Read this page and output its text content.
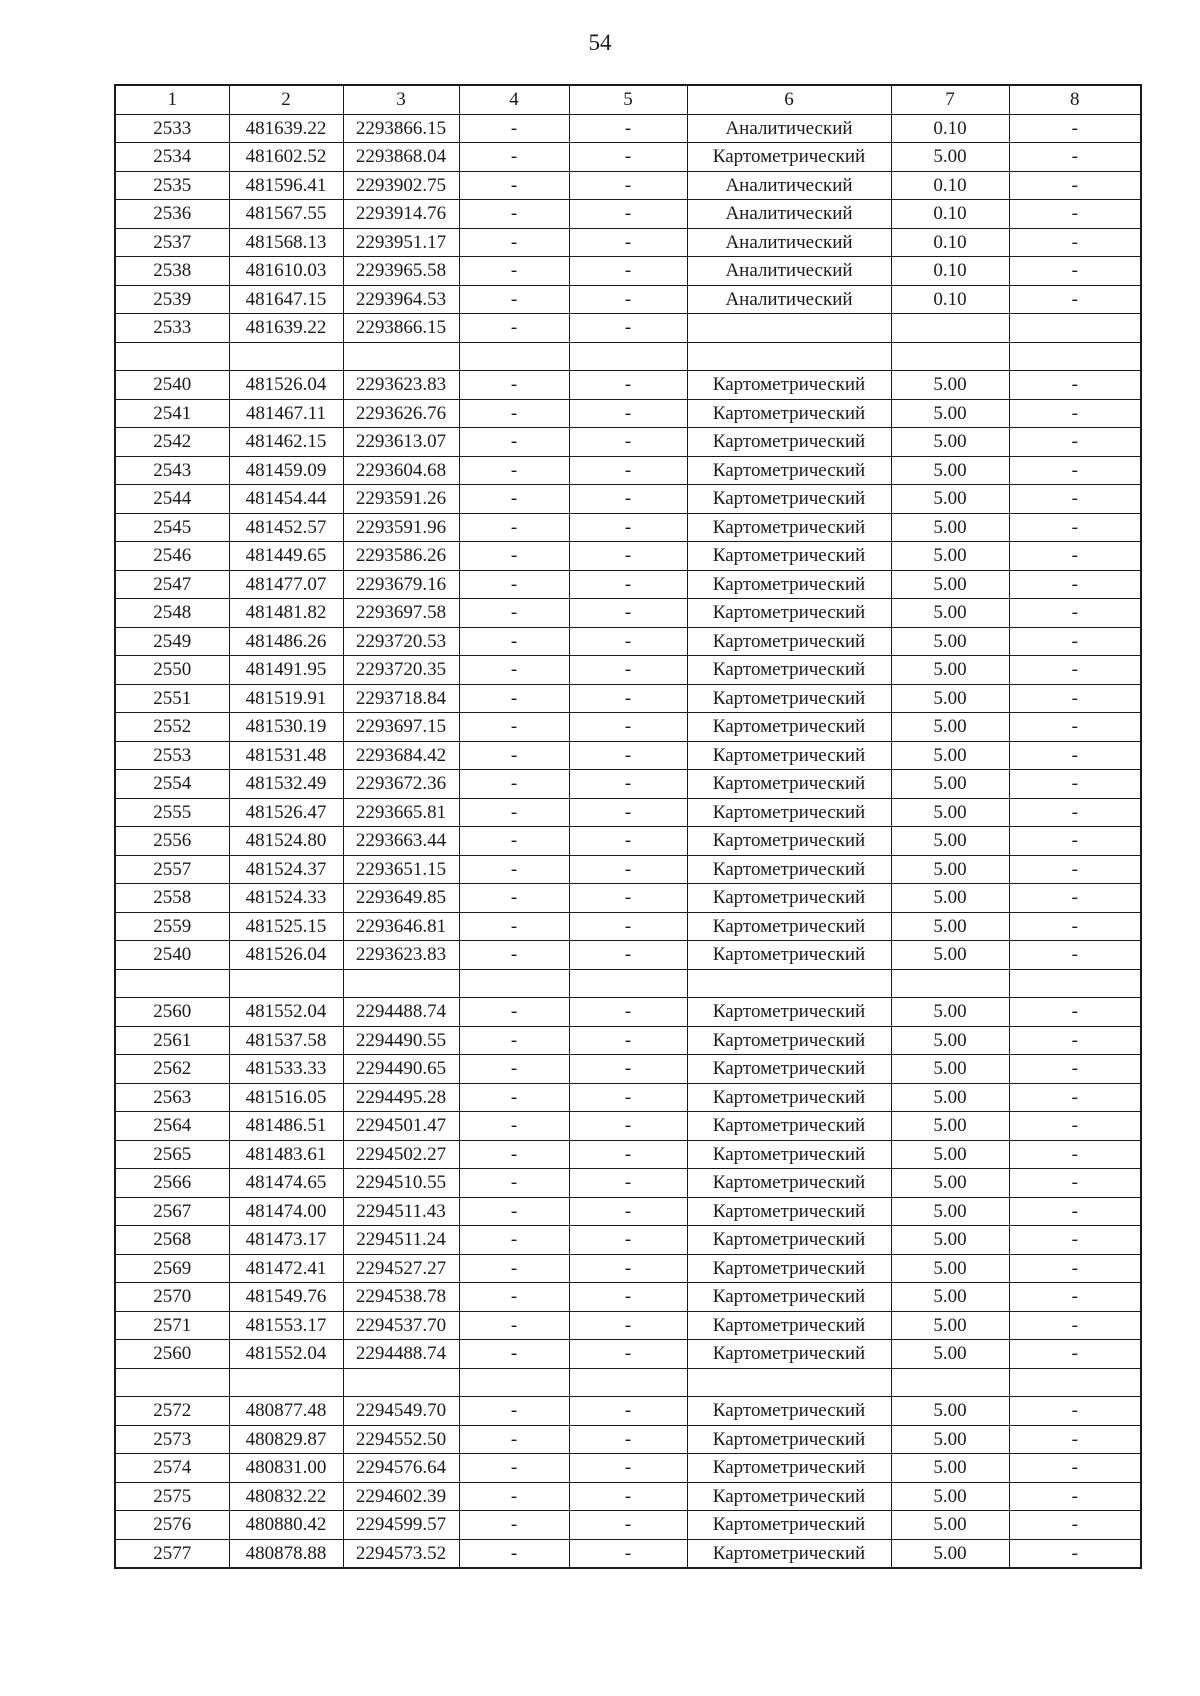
54
1	2	3	4	5	6	7	8
2533	481639.22	2293866.15	-	-	Аналитический	0.10	-
2534	481602.52	2293868.04	-	-	Картометрический	5.00	-
2535	481596.41	2293902.75	-	-	Аналитический	0.10	-
2536	481567.55	2293914.76	-	-	Аналитический	0.10	-
2537	481568.13	2293951.17	-	-	Аналитический	0.10	-
2538	481610.03	2293965.58	-	-	Аналитический	0.10	-
2539	481647.15	2293964.53	-	-	Аналитический	0.10	-
2533	481639.22	2293866.15	-	-			

2540	481526.04	2293623.83	-	-	Картометрический	5.00	-
2541	481467.11	2293626.76	-	-	Картометрический	5.00	-
2542	481462.15	2293613.07	-	-	Картометрический	5.00	-
2543	481459.09	2293604.68	-	-	Картометрический	5.00	-
2544	481454.44	2293591.26	-	-	Картометрический	5.00	-
2545	481452.57	2293591.96	-	-	Картометрический	5.00	-
2546	481449.65	2293586.26	-	-	Картометрический	5.00	-
2547	481477.07	2293679.16	-	-	Картометрический	5.00	-
2548	481481.82	2293697.58	-	-	Картометрический	5.00	-
2549	481486.26	2293720.53	-	-	Картометрический	5.00	-
2550	481491.95	2293720.35	-	-	Картометрический	5.00	-
2551	481519.91	2293718.84	-	-	Картометрический	5.00	-
2552	481530.19	2293697.15	-	-	Картометрический	5.00	-
2553	481531.48	2293684.42	-	-	Картометрический	5.00	-
2554	481532.49	2293672.36	-	-	Картометрический	5.00	-
2555	481526.47	2293665.81	-	-	Картометрический	5.00	-
2556	481524.80	2293663.44	-	-	Картометрический	5.00	-
2557	481524.37	2293651.15	-	-	Картометрический	5.00	-
2558	481524.33	2293649.85	-	-	Картометрический	5.00	-
2559	481525.15	2293646.81	-	-	Картометрический	5.00	-
2540	481526.04	2293623.83	-	-	Картометрический	5.00	-

2560	481552.04	2294488.74	-	-	Картометрический	5.00	-
2561	481537.58	2294490.55	-	-	Картометрический	5.00	-
2562	481533.33	2294490.65	-	-	Картометрический	5.00	-
2563	481516.05	2294495.28	-	-	Картометрический	5.00	-
2564	481486.51	2294501.47	-	-	Картометрический	5.00	-
2565	481483.61	2294502.27	-	-	Картометрический	5.00	-
2566	481474.65	2294510.55	-	-	Картометрический	5.00	-
2567	481474.00	2294511.43	-	-	Картометрический	5.00	-
2568	481473.17	2294511.24	-	-	Картометрический	5.00	-
2569	481472.41	2294527.27	-	-	Картометрический	5.00	-
2570	481549.76	2294538.78	-	-	Картометрический	5.00	-
2571	481553.17	2294537.70	-	-	Картометрический	5.00	-
2560	481552.04	2294488.74	-	-	Картометрический	5.00	-

2572	480877.48	2294549.70	-	-	Картометрический	5.00	-
2573	480829.87	2294552.50	-	-	Картометрический	5.00	-
2574	480831.00	2294576.64	-	-	Картометрический	5.00	-
2575	480832.22	2294602.39	-	-	Картометрический	5.00	-
2576	480880.42	2294599.57	-	-	Картометрический	5.00	-
2577	480878.88	2294573.52	-	-	Картометрический	5.00	-
